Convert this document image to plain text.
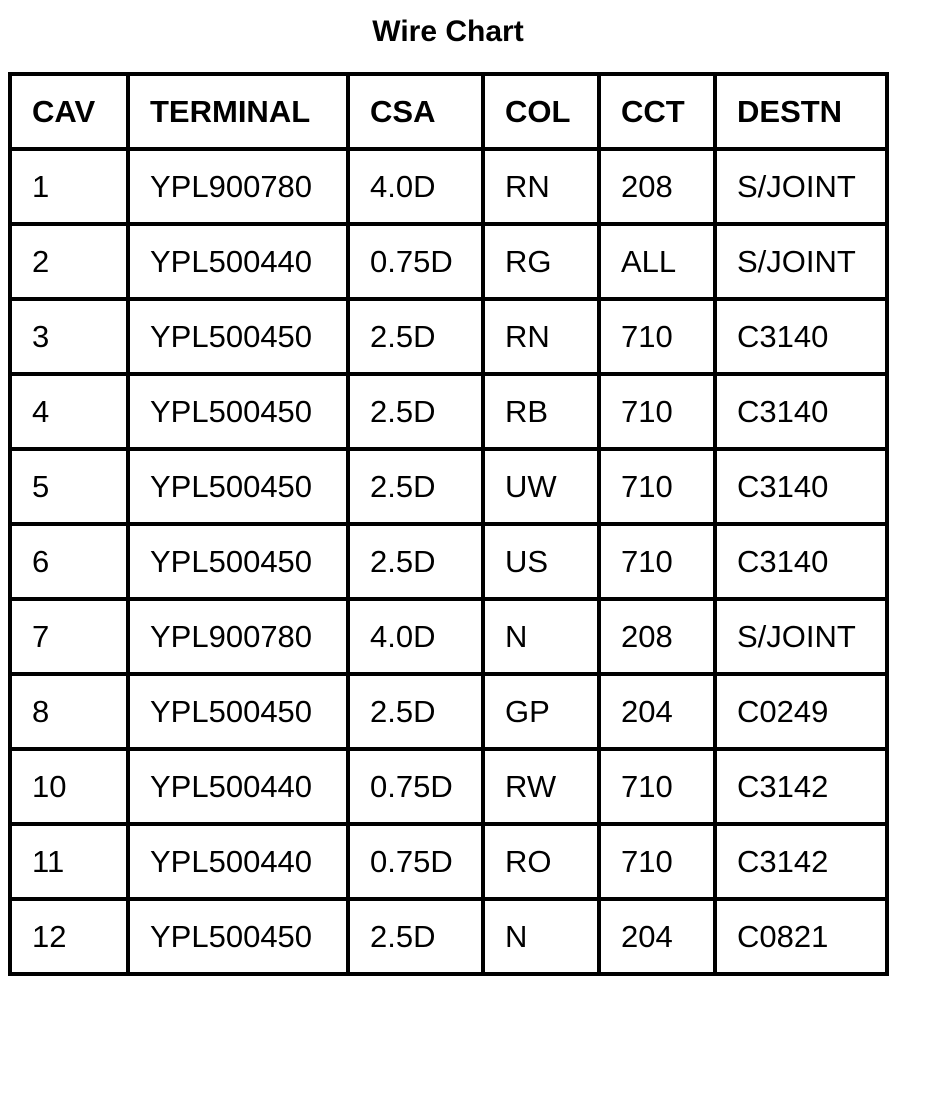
Wire Chart
CAV	TERMINAL	CSA	COL	CCT	DESTN
1	YPL900780	4.0D	RN	208	S/JOINT
2	YPL500440	0.75D	RG	ALL	S/JOINT
3	YPL500450	2.5D	RN	710	C3140
4	YPL500450	2.5D	RB	710	C3140
5	YPL500450	2.5D	UW	710	C3140
6	YPL500450	2.5D	US	710	C3140
7	YPL900780	4.0D	N	208	S/JOINT
8	YPL500450	2.5D	GP	204	C0249
10	YPL500440	0.75D	RW	710	C3142
11	YPL500440	0.75D	RO	710	C3142
12	YPL500450	2.5D	N	204	C0821
